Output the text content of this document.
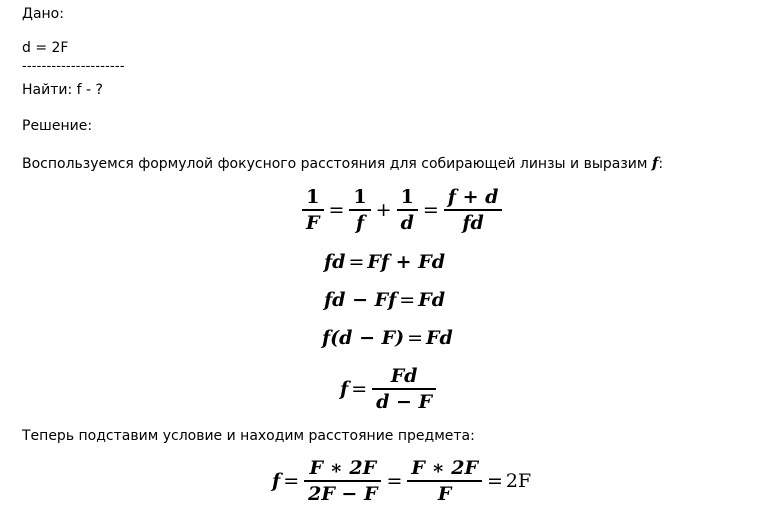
Дано:
d = 2F
---------------------
Найти: f - ?
Решение:
Воспользуемся формулой фокусного расстояния для собирающей линзы и выразим f:
$\frac{1}{F} = \frac{1}{f} + \frac{1}{d} = \frac{f + d}{fd}$
fd = Ff + Fd
fd − Ff = Fd
f(d − F) = Fd
$f = \frac{Fd}{d - F}$
Теперь подставим условие и находим расстояние предмета:
$f = \frac{F ∗ 2F}{2F - F} = \frac{F ∗ 2F}{F} = 2F$
